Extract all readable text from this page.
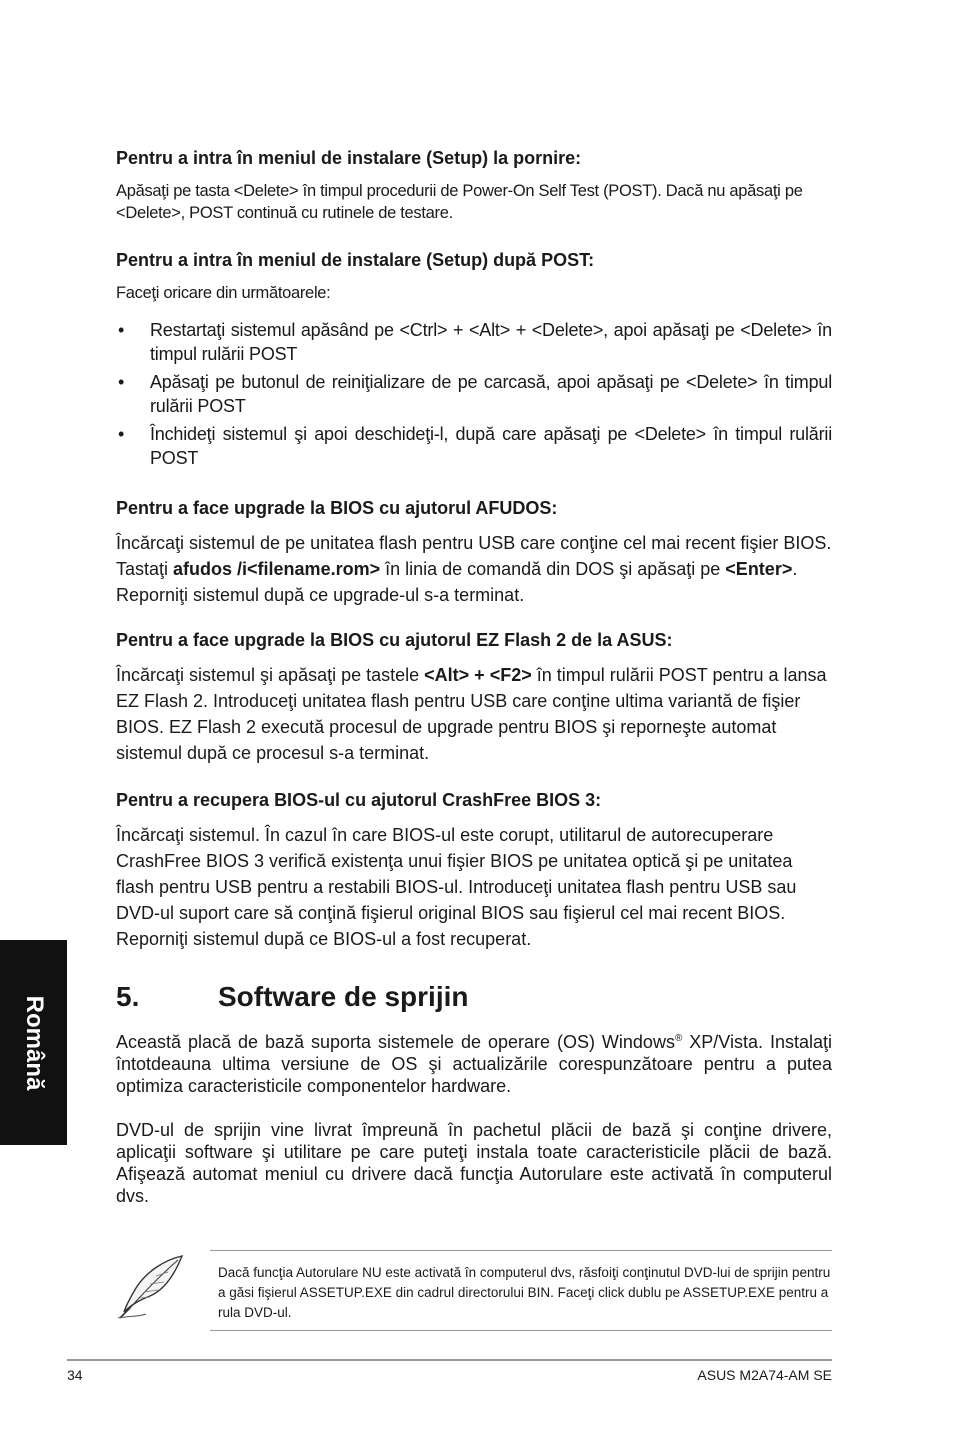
Pentru a intra în meniul de instalare (Setup) la pornire:

Apăsaţi pe tasta <Delete> în timpul procedurii de Power-On Self Test (POST). Dacă nu apăsaţi pe <Delete>, POST continuă cu rutinele de testare.

Pentru a intra în meniul de instalare (Setup) după POST:

Faceţi oricare din următoarele:

• Restartaţi sistemul apăsând pe <Ctrl> + <Alt> + <Delete>, apoi apăsaţi pe <Delete> în timpul rulării POST
• Apăsaţi pe butonul de reiniţializare de pe carcasă, apoi apăsaţi pe <Delete> în timpul rulării POST
• Închideţi sistemul şi apoi deschideţi-l, după care apăsaţi pe <Delete> în timpul rulării POST
Pentru a face upgrade la BIOS cu ajutorul AFUDOS:

Încărcaţi sistemul de pe unitatea flash pentru USB care conţine cel mai recent fişier BIOS. Tastaţi afudos /i<filename.rom> în linia de comandă din DOS şi apăsaţi pe <Enter>. Reporniţi sistemul după ce upgrade-ul s-a terminat.

Pentru a face upgrade la BIOS cu ajutorul EZ Flash 2 de la ASUS:

Încărcaţi sistemul şi apăsaţi pe tastele <Alt> + <F2> în timpul rulării POST pentru a lansa EZ Flash 2. Introduceţi unitatea flash pentru USB care conţine ultima variantă de fişier BIOS. EZ Flash 2 execută procesul de upgrade pentru BIOS şi reporneşte automat sistemul după ce procesul s-a terminat.

Pentru a recupera BIOS-ul cu ajutorul CrashFree BIOS 3:

Încărcaţi sistemul. În cazul în care BIOS-ul este corupt, utilitarul de autorecuperare CrashFree BIOS 3 verifică existenţa unui fişier BIOS pe unitatea optică şi pe unitatea flash pentru USB pentru a restabili BIOS-ul. Introduceţi unitatea flash pentru USB sau DVD-ul suport care să conţină fişierul original BIOS sau fişierul cel mai recent BIOS. Reporniţi sistemul după ce BIOS-ul a fost recuperat.

5.	Software de sprijin

Această placă de bază suporta sistemele de operare (OS) Windows® XP/Vista. Instalaţi întotdeauna ultima versiune de OS şi actualizările corespunzătoare pentru a putea optimiza caracteristicile componentelor hardware.

DVD-ul de sprijin vine livrat împreună în pachetul plăcii de bază şi conţine drivere, aplicaţii software şi utilitare pe care puteţi instala toate caracteristicile plăcii de bază. Afişează automat meniul cu drivere dacă funcţia Autorulare este activată în computerul dvs.

Română
Dacă funcţia Autorulare NU este activată în computerul dvs, răsfoiţi conţinutul DVD-lui de sprijin pentru a găsi fişierul ASSETUP.EXE din cadrul directorului BIN. Faceţi click dublu pe ASSETUP.EXE pentru a rula DVD-ul.
34	ASUS M2A74-AM SE
